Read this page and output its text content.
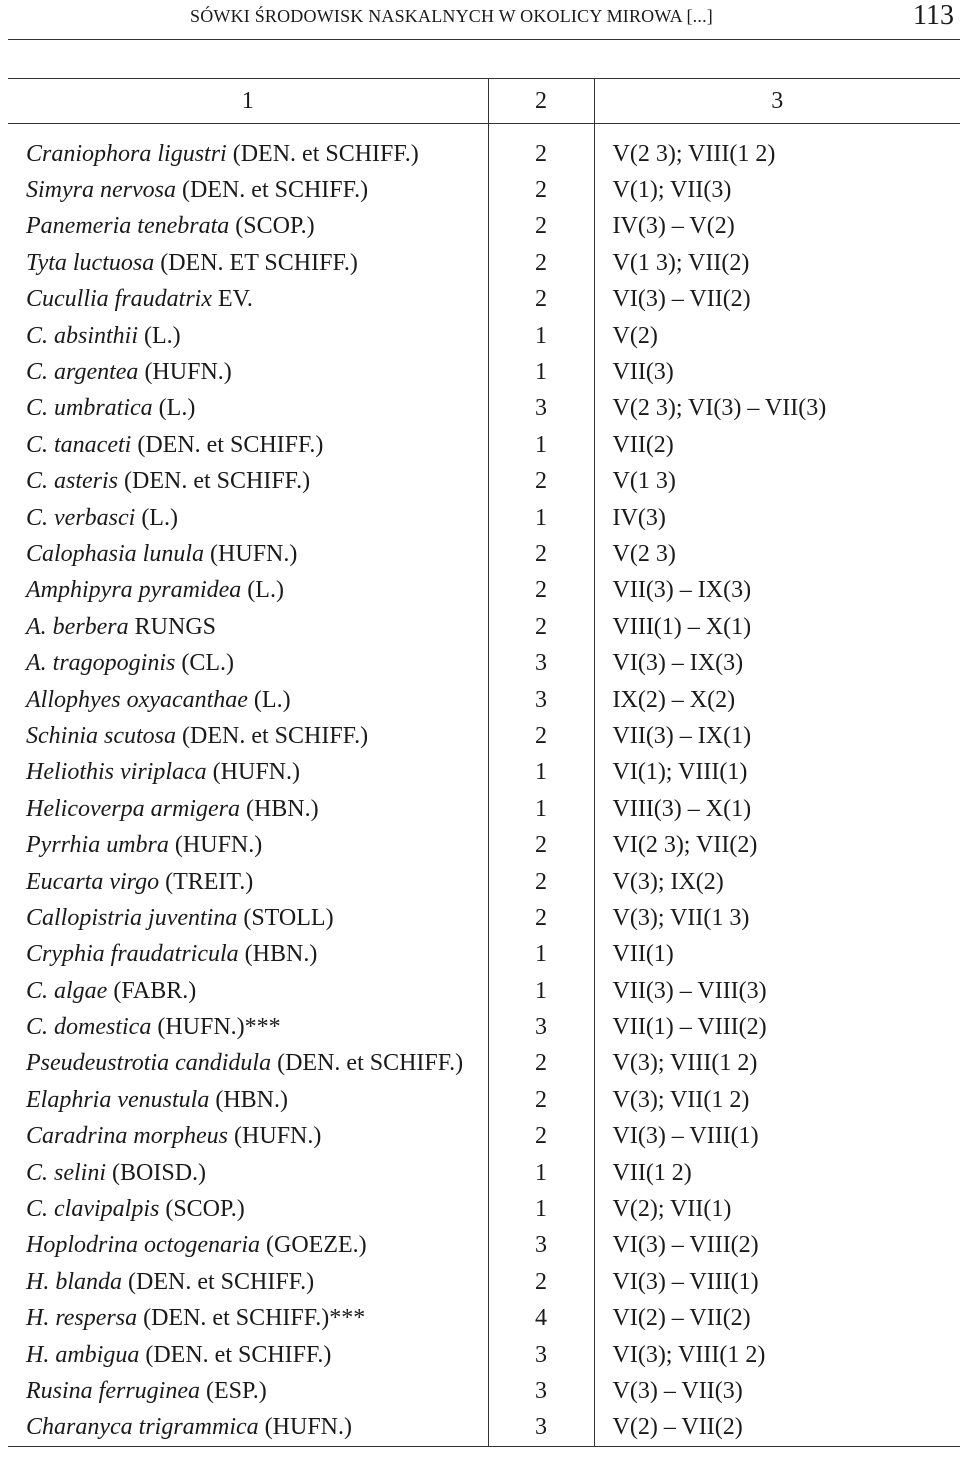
SÓWKI ŚRODOWISK NASKALNYCH W OKOLICY MIROWA [...]	113
1	2	3
Craniophora ligustri (DEN. et SCHIFF.)	2	V(2 3); VIII(1 2)
Simyra nervosa (DEN. et SCHIFF.)	2	V(1); VII(3)
Panemeria tenebrata (SCOP.)	2	IV(3) – V(2)
Tyta luctuosa (DEN. ET SCHIFF.)	2	V(1 3); VII(2)
Cucullia fraudatrix EV.	2	VI(3) – VII(2)
C. absinthii (L.)	1	V(2)
C. argentea (HUFN.)	1	VII(3)
C. umbratica (L.)	3	V(2 3); VI(3) – VII(3)
C. tanaceti (DEN. et SCHIFF.)	1	VII(2)
C. asteris (DEN. et SCHIFF.)	2	V(1 3)
C. verbasci (L.)	1	IV(3)
Calophasia lunula (HUFN.)	2	V(2 3)
Amphipyra pyramidea (L.)	2	VII(3) – IX(3)
A. berbera RUNGS	2	VIII(1) – X(1)
A. tragopoginis (CL.)	3	VI(3) – IX(3)
Allophyes oxyacanthae (L.)	3	IX(2) – X(2)
Schinia scutosa (DEN. et SCHIFF.)	2	VII(3) – IX(1)
Heliothis viriplaca (HUFN.)	1	VI(1); VIII(1)
Helicoverpa armigera (HBN.)	1	VIII(3) – X(1)
Pyrrhia umbra (HUFN.)	2	VI(2 3); VII(2)
Eucarta virgo (TREIT.)	2	V(3); IX(2)
Callopistria juventina (STOLL)	2	V(3); VII(1 3)
Cryphia fraudatricula (HBN.)	1	VII(1)
C. algae (FABR.)	1	VII(3) – VIII(3)
C. domestica (HUFN.)***	3	VII(1) – VIII(2)
Pseudeustrotia candidula (DEN. et SCHIFF.)	2	V(3); VIII(1 2)
Elaphria venustula (HBN.)	2	V(3); VII(1 2)
Caradrina morpheus (HUFN.)	2	VI(3) – VIII(1)
C. selini (BOISD.)	1	VII(1 2)
C. clavipalpis (SCOP.)	1	V(2); VII(1)
Hoplodrina octogenaria (GOEZE.)	3	VI(3) – VIII(2)
H. blanda (DEN. et SCHIFF.)	2	VI(3) – VIII(1)
H. respersa (DEN. et SCHIFF.)***	4	VI(2) – VII(2)
H. ambigua (DEN. et SCHIFF.)	3	VI(3); VIII(1 2)
Rusina ferruginea (ESP.)	3	V(3) – VII(3)
Charanyca trigrammica (HUFN.)	3	V(2) – VII(2)
